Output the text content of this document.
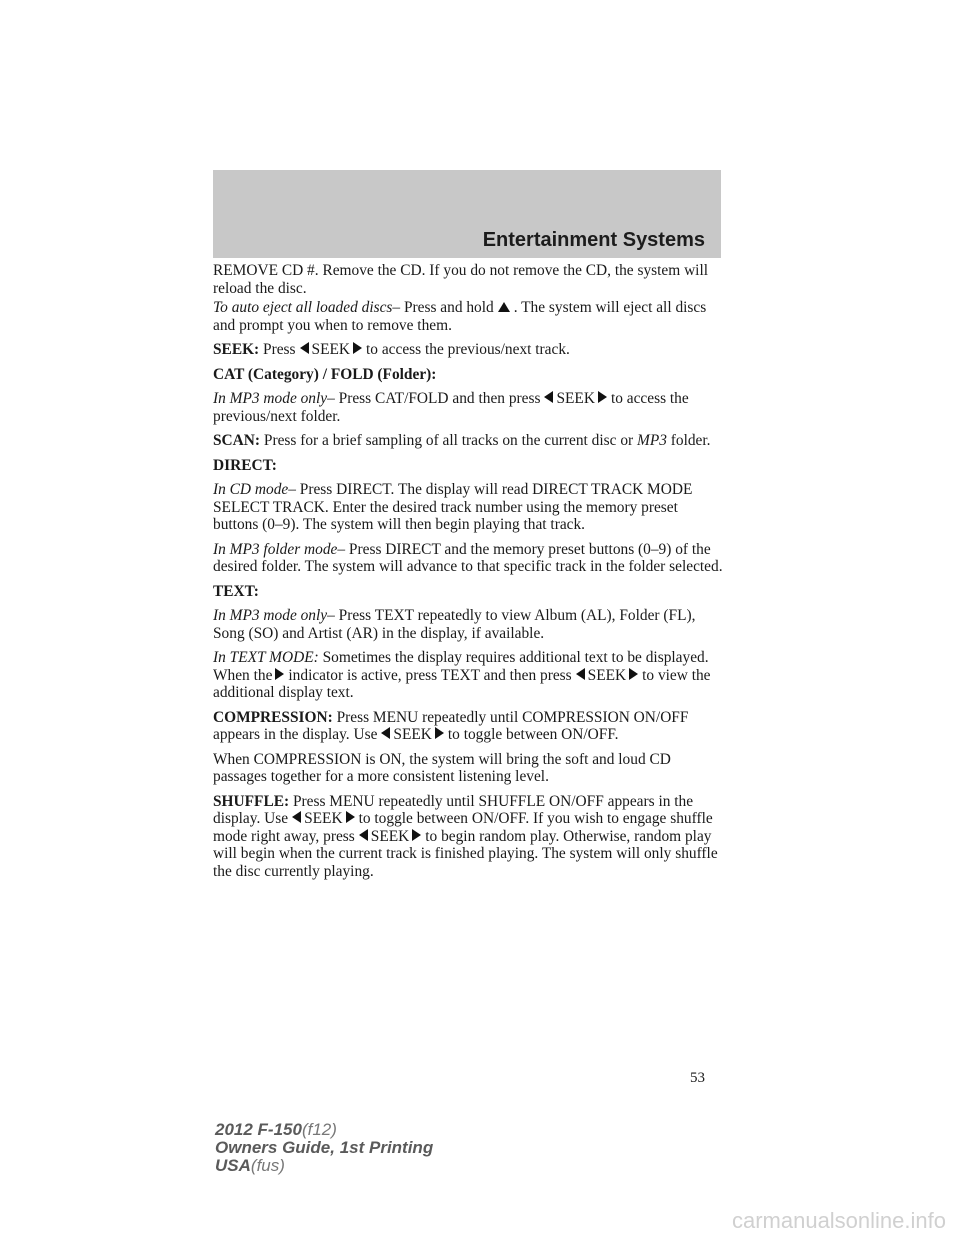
Entertainment Systems

REMOVE CD #. Remove the CD. If you do not remove the CD, the system will reload the disc.

To auto eject all loaded discs– Press and hold . The system will eject all discs and prompt you when to remove them.

SEEK: Press SEEK to access the previous/next track.

CAT (Category) / FOLD (Folder):

In MP3 mode only– Press CAT/FOLD and then press SEEK to access the previous/next folder.

SCAN: Press for a brief sampling of all tracks on the current disc or MP3 folder.

DIRECT:

In CD mode– Press DIRECT. The display will read DIRECT TRACK MODE SELECT TRACK. Enter the desired track number using the memory preset buttons (0–9). The system will then begin playing that track.

In MP3 folder mode– Press DIRECT and the memory preset buttons (0–9) of the desired folder. The system will advance to that specific track in the folder selected.

TEXT:

In MP3 mode only– Press TEXT repeatedly to view Album (AL), Folder (FL), Song (SO) and Artist (AR) in the display, if available.

In TEXT MODE: Sometimes the display requires additional text to be displayed. When the indicator is active, press TEXT and then press SEEK to view the additional display text.

COMPRESSION: Press MENU repeatedly until COMPRESSION ON/OFF appears in the display. Use SEEK to toggle between ON/OFF.

When COMPRESSION is ON, the system will bring the soft and loud CD passages together for a more consistent listening level.

SHUFFLE: Press MENU repeatedly until SHUFFLE ON/OFF appears in the display. Use SEEK to toggle between ON/OFF. If you wish to engage shuffle mode right away, press SEEK to begin random play. Otherwise, random play will begin when the current track is finished playing. The system will only shuffle the disc currently playing.

53
2012 F-150(f12)
Owners Guide, 1st Printing
USA(fus)
carmanualsonline.info
